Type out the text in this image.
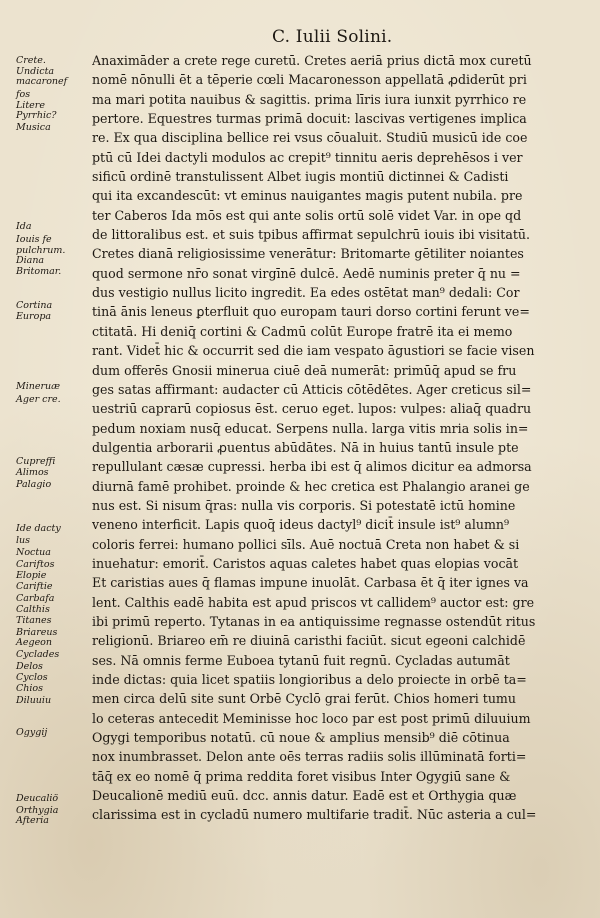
C. Iulii Solini.
Crete.
Undicta
macaronef
fos
Litere
Pyrrhic?
Musica
Ida
Iouis fe
pulchrum.
Diana
Britomar.
Cortina
Europa
Mineruæ
Ager cre.
Cupreffi
Alimos
Palagio
Ide dacty
lus
Noctua
Cariftos
Elopie
Cariftie
Carbafa
Calthis
Titanes
Briareus
Aegeon
Cyclades
Delos
Cyclos
Chios
Diluuiu
Ogygij
Deucaliö
Orthygia
Afteria
Anaximāder a crete rege curetū. Cretes aeriā prius dictā mox curetū
nomē nōnulli ēt a tēperie cœli Macaronesson appellatā ꝓdiderūt pri
ma mari potita nauibus & sagittis. prima līris iura iunxit pyrrhico re
pertore. Equestres turmas primā docuit: lascivas vertigenes implica
re. Ex qua disciplina bellice rei vsus cōualuit. Studiū musicū ide coe
ptū cū Idei dactyli modulos ac crepit⁹ tinnitu aeris deprehēsos i ver
sificū ordinē transtulissent Albet iugis montiū dictinnei & Cadisti
qui ita excandescūt: vt eminus nauigantes magis putent nubila. pre
ter Caberos Ida mōs est qui ante solis ortū solē videt Var. in ope qd
de littoralibus est. et suis tpibus affirmat sepulchrū iouis ibi visitatū.
Cretes dianā religiosissime venerātur: Britomarte gētiliter noiantes
quod sermone nr̄o sonat virgīnē dulcē. Aedē numinis preter q̄ nu =
dus vestigio nullus licito ingredit. Ea edes ostētat man⁹ dedali: Cor
tinā ānis leneus ꝑterfluit quo europam tauri dorso cortini ferunt ve=
ctitatā. Hi deniq̄ cortini & Cadmū colūt Europe fratrē ita ei memo
rant. Videt̄ hic & occurrit sed die iam vespato āgustiori se facie visen
dum offerēs Gnosii minerua ciuē deā numerāt: primūq̄ apud se fru
ges satas affirmant: audacter cū Atticis cōtēdētes. Ager creticus sil=
uestriū caprarū copiosus ēst. ceruo eget. lupos: vulpes: aliaq̄ quadru
pedum noxiam nusq̄ educat. Serpens nulla. larga vitis mria solis in=
dulgentia arborarii ꝓuentus abūdātes. Nā in huius tantū insule pte
repullulant cæsæ cupressi. herba ibi est q̄ alimos dicitur ea admorsa
diurnā famē prohibet. proinde & hec cretica est Phalangio aranei ge
nus est. Si nisum q̄ras: nulla vis corporis. Si potestatē ictū homine
veneno interficit. Lapis quoq̄ ideus dactyl⁹ dicit̄ insule ist⁹ alumn⁹
coloris ferrei: humano pollici sīls. Auē noctuā Creta non habet & si
inuehatur: emorit̄. Caristos aquas caletes habet quas elopias vocāt
Et caristias aues q̄ flamas impune inuolāt. Carbasa ēt q̄ iter ignes va
lent. Calthis eadē habita est apud priscos vt callidem⁹ auctor est: gre
ibi primū reperto. Tytanas in ea antiquissime regnasse ostendūt ritus
religionū. Briareo em̄ re diuinā caristhi faciūt. sicut egeoni calchidē
ses. Nā omnis ferme Euboea tytanū fuit regnū. Cycladas autumāt
inde dictas: quia licet spatiis longioribus a delo proiecte in orbē ta=
men circa delū site sunt Orbē Cyclō grai ferūt. Chios homeri tumu
lo ceteras antecedit Meminisse hoc loco par est post primū diluuium
Ogygi temporibus notatū. cū noue & amplius mensib⁹ diē cōtinua
nox inumbrasset. Delon ante oēs terras radiis solis illūminatā forti=
tāq̄ ex eo nomē q̄ prima reddita foret visibus Inter Ogygiū sane &
Deucalionē mediū euū. dcc. annis datur. Eadē est et Orthygia quæ
clarissima est in cycladū numero multifarie tradit̄. Nūc asteria a cul=
